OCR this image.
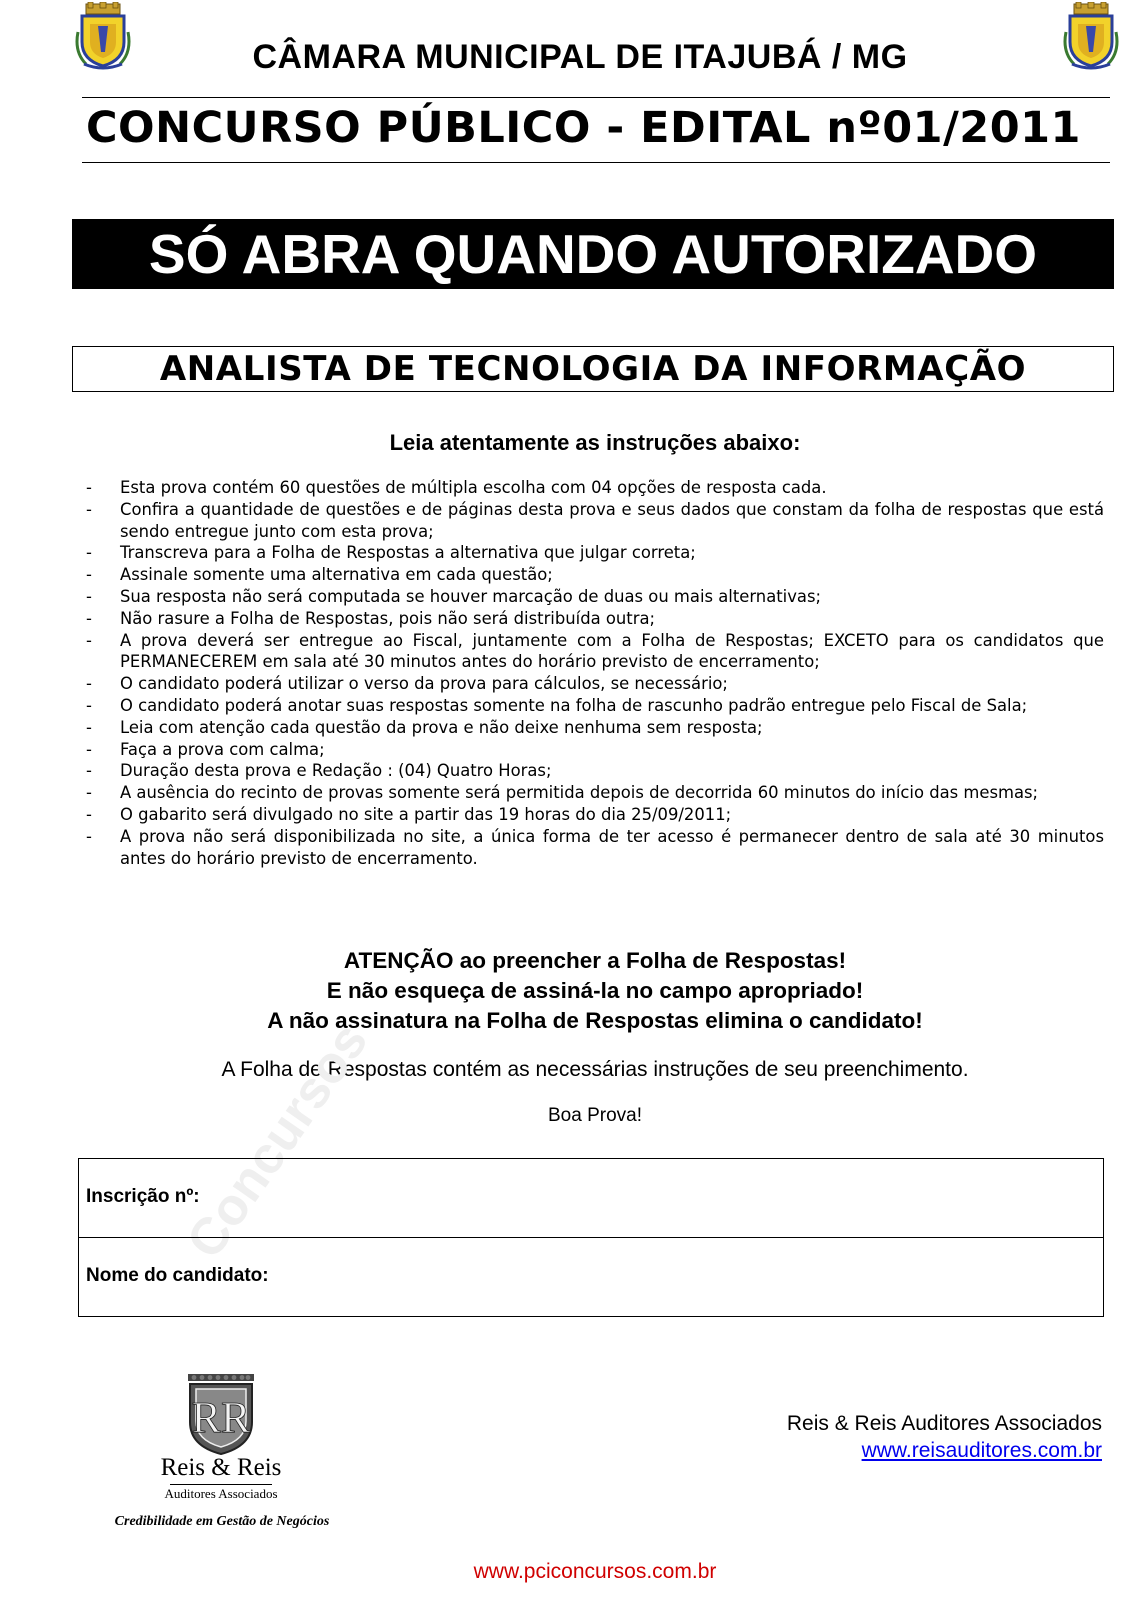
CÂMARA MUNICIPAL DE ITAJUBÁ / MG
CONCURSO PÚBLICO - EDITAL nº01/2011
SÓ ABRA QUANDO AUTORIZADO
ANALISTA DE TECNOLOGIA DA INFORMAÇÃO
Leia atentamente as instruções abaixo:
- Esta prova contém 60 questões de múltipla escolha com 04 opções de resposta cada.
- Confira a quantidade de questões e de páginas desta prova e seus dados que constam da folha de respostas que está sendo entregue junto com esta prova;
- Transcreva para a Folha de Respostas a alternativa que julgar correta;
- Assinale somente uma alternativa em cada questão;
- Sua resposta não será computada se houver marcação de duas ou mais alternativas;
- Não rasure a Folha de Respostas, pois não será distribuída outra;
- A prova deverá ser entregue ao Fiscal, juntamente com a Folha de Respostas; EXCETO para os candidatos que PERMANECEREM em sala até 30 minutos antes do horário previsto de encerramento;
- O candidato poderá utilizar o verso da prova para cálculos, se necessário;
- O candidato poderá anotar suas respostas somente na folha de rascunho padrão entregue pelo Fiscal de Sala;
- Leia com atenção cada questão da prova e não deixe nenhuma sem resposta;
- Faça a prova com calma;
- Duração desta prova e Redação : (04) Quatro Horas;
- A ausência do recinto de provas somente será permitida depois de decorrida 60 minutos do início das mesmas;
- O gabarito será divulgado no site a partir das 19 horas do dia 25/09/2011;
- A prova não será disponibilizada no site, a única forma de ter acesso é permanecer dentro de sala até 30 minutos antes do horário previsto de encerramento.
ATENÇÃO ao preencher a Folha de Respostas!
E não esqueça de assiná-la no campo apropriado!
A não assinatura na Folha de Respostas elimina o candidato!
A Folha de Respostas contém as necessárias instruções de seu preenchimento.
Boa Prova!
Concursos
Inscrição nº:
Nome do candidato:
RR
Reis & Reis
Auditores Associados
Credibilidade em Gestão de Negócios
Reis & Reis Auditores Associados
www.reisauditores.com.br
www.pciconcursos.com.br
